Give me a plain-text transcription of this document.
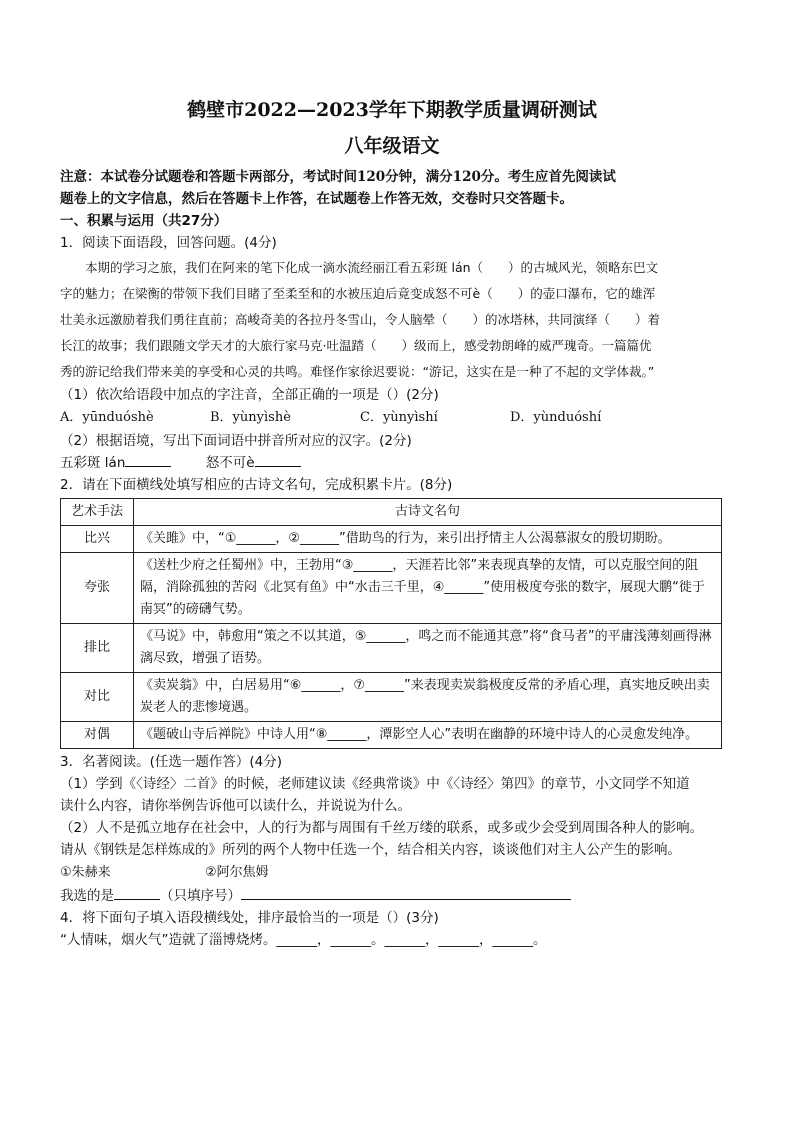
鹤壁市2022—2023学年下期教学质量调研测试
八年级语文

注意：本试卷分试题卷和答题卡两部分，考试时间120分钟，满分120分。考生应首先阅读试

题卷上的文字信息，然后在答题卡上作答，在试题卷上作答无效，交卷时只交答题卡。

一、积累与运用（共27分）

1．阅读下面语段，回答问题。(4分)

本期的学习之旅，我们在阿来的笔下化成一滴水流经丽江看五彩斑 lán（　　）的古城风光，领略东巴文

字的魅力；在梁衡的带领下我们目睹了至柔至和的水被压迫后竟变成怒不可è（　　）的壶口瀑布，它的雄浑

壮美永远激励着我们勇往直前；高峻奇美的各拉丹冬雪山，令人脑晕（　　）的冰塔林，共同演绎（　　）着

长江的故事；我们跟随文学天才的大旅行家马克·吐温踏（　　）级而上，感受勃朗峰的威严瑰奇。一篇篇优

秀的游记给我们带来美的享受和心灵的共鸣。难怪作家徐迟要说：“游记，这实在是一种了不起的文学体裁。”

（1）依次给语段中加点的字注音，全部正确的一项是（）(2分)

A．yūnduóshè	B．yùnyìshè	C．yùnyìshí	D．yùnduóshí

（2）根据语境，写出下面词语中拼音所对应的汉字。(2分)

五彩斑 lán	怒不可è

2．请在下面横线处填写相应的古诗文名句，完成积累卡片。(8分)

艺术手法	古诗文名句
比兴	《关雎》中，“①______，②______”借助鸟的行为，来引出抒情主人公渴慕淑女的殷切期盼。
夸张	《送杜少府之任蜀州》中，王勃用“③______，天涯若比邻”来表现真挚的友情，可以克服空间的阻隔，消除孤独的苦闷《北冥有鱼》中“水击三千里，④______”使用极度夸张的数字，展现大鹏“徙于南冥”的磅礴气势。
排比	《马说》中，韩愈用“策之不以其道，⑤______，鸣之而不能通其意”将“食马者”的平庸浅薄刻画得淋漓尽致，增强了语势。
对比	《卖炭翁》中，白居易用“⑥______，⑦______”来表现卖炭翁极度反常的矛盾心理，真实地反映出卖炭老人的悲惨境遇。
对偶	《题破山寺后禅院》中诗人用“⑧______，潭影空人心”表明在幽静的环境中诗人的心灵愈发纯净。

3．名著阅读。(任选一题作答）(4分)

（1）学到《〈诗经〉二首》的时候，老师建议读《经典常谈》中《〈诗经〉第四》的章节，小文同学不知道

读什么内容，请你举例告诉他可以读什么，并说说为什么。

（2）人不是孤立地存在社会中，人的行为都与周围有千丝万缕的联系，或多或少会受到周围各种人的影响。

请从《钢铁是怎样炼成的》所列的两个人物中任选一个，结合相关内容，谈谈他们对主人公产生的影响。

①朱赫来	②阿尔焦姆

我选的是	（只填序号）

4．将下面句子填入语段横线处，排序最恰当的一项是（）(3分)

“人情味，烟火气”造就了淄博烧烤。______，______。______，______，______。
